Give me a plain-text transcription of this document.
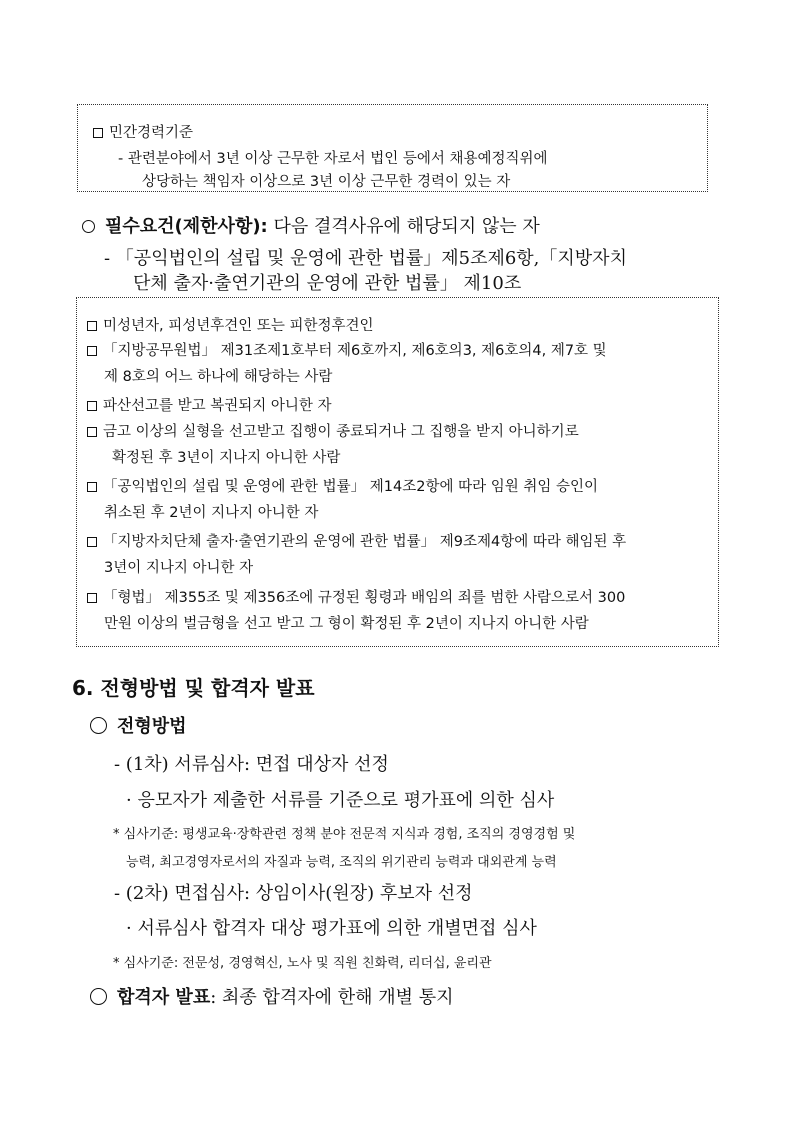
민간경력기준
- 관련분야에서 3년 이상 근무한 자로서 법인 등에서 채용예정직위에
상당하는 책임자 이상으로 3년 이상 근무한 경력이 있는 자
필수요건(제한사항): 다음 결격사유에 해당되지 않는 자
- 「공익법인의 설립 및 운영에 관한 법률」제5조제6항,「지방자치
단체 출자·출연기관의 운영에 관한 법률」 제10조
미성년자, 피성년후견인 또는 피한정후견인
「지방공무원법」 제31조제1호부터 제6호까지, 제6호의3, 제6호의4, 제7호 및
제 8호의 어느 하나에 해당하는 사람
파산선고를 받고 복권되지 아니한 자
금고 이상의 실형을 선고받고 집행이 종료되거나 그 집행을 받지 아니하기로
확정된 후 3년이 지나지 아니한 사람
「공익법인의 설립 및 운영에 관한 법률」 제14조2항에 따라 임원 취임 승인이
취소된 후 2년이 지나지 아니한 자
「지방자치단체 출자·출연기관의 운영에 관한 법률」 제9조제4항에 따라 해임된 후
3년이 지나지 아니한 자
「형법」 제355조 및 제356조에 규정된 횡령과 배임의 죄를 범한 사람으로서 300
만원 이상의 벌금형을 선고 받고 그 형이 확정된 후 2년이 지나지 아니한 사람
6. 전형방법 및 합격자 발표
전형방법
- (1차) 서류심사: 면접 대상자 선정
· 응모자가 제출한 서류를 기준으로 평가표에 의한 심사
* 심사기준: 평생교육·장학관련 정책 분야 전문적 지식과 경험, 조직의 경영경험 및
능력, 최고경영자로서의 자질과 능력, 조직의 위기관리 능력과 대외관계 능력
- (2차) 면접심사: 상임이사(원장) 후보자 선정
· 서류심사 합격자 대상 평가표에 의한 개별면접 심사
* 심사기준: 전문성, 경영혁신, 노사 및 직원 친화력, 리더십, 윤리관
합격자 발표: 최종 합격자에 한해 개별 통지
